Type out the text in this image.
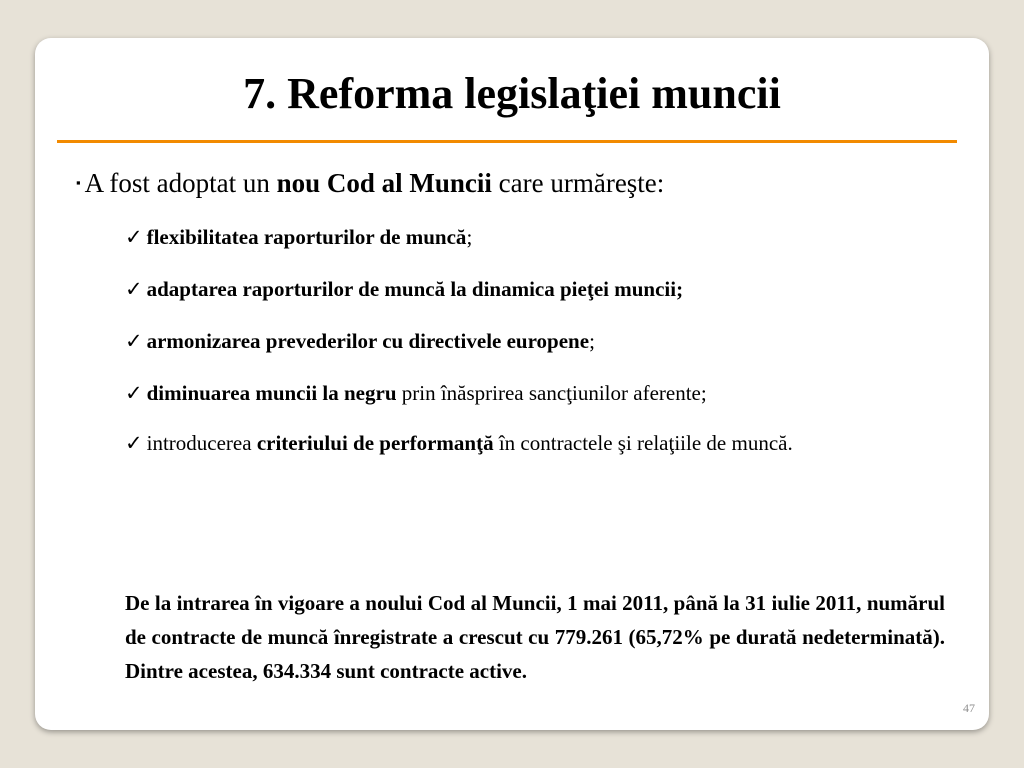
7. Reforma legislaţiei muncii
▪ A fost adoptat un nou Cod al Muncii care urmăreşte:

✓ flexibilitatea raporturilor de muncă;

✓ adaptarea raporturilor de muncă la dinamica pieţei muncii;

✓ armonizarea prevederilor cu directivele europene;

✓ diminuarea muncii la negru prin înăsprirea sancţiunilor aferente;

✓ introducerea criteriului de performanţă în contractele şi relaţiile de muncă.

De la intrarea în vigoare a noului Cod al Muncii, 1 mai 2011, până la 31 iulie 2011, numărul de contracte de muncă înregistrate a crescut cu 779.261 (65,72% pe durată nedeterminată). Dintre acestea, 634.334 sunt contracte active.

47
